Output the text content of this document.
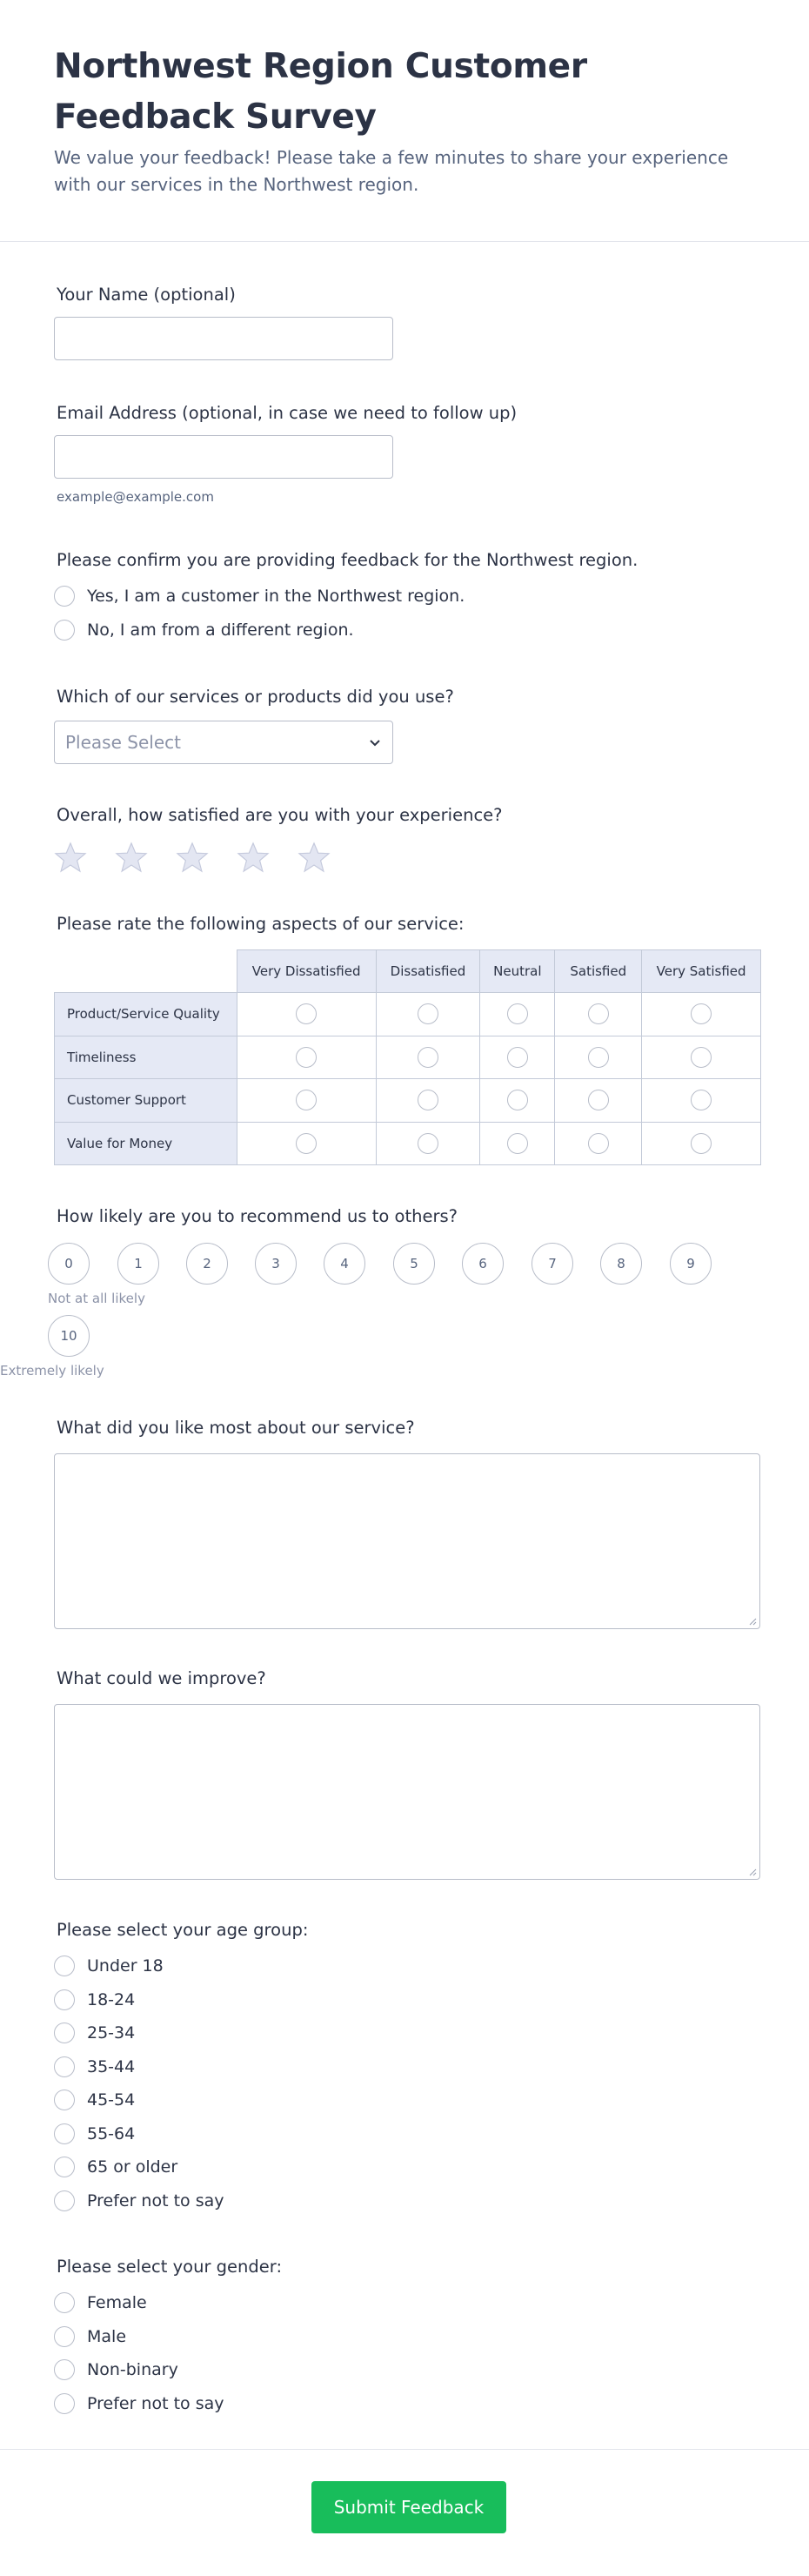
Northwest Region Customer Feedback Survey

We value your feedback! Please take a few minutes to share your experience with our services in the Northwest region.

Your Name (optional)
Email Address (optional, in case we need to follow up)
example@example.com
Please confirm you are providing feedback for the Northwest region.
Yes, I am a customer in the Northwest region.
No, I am from a different region.
Which of our services or products did you use?
Please Select
Overall, how satisfied are you with your experience?
Please rate the following aspects of our service:
	Very Dissatisfied	Dissatisfied	Neutral	Satisfied	Very Satisfied
Product/Service Quality					
Timeliness					
Customer Support					
Value for Money					
How likely are you to recommend us to others?
0	1	2	3	4	5	6	7	8	9
Not at all likely
10
Extremely likely
What did you like most about our service?
What could we improve?
Please select your age group:
Under 18
18-24
25-34
35-44
45-54
55-64
65 or older
Prefer not to say
Please select your gender:
Female
Male
Non-binary
Prefer not to say
Submit Feedback
